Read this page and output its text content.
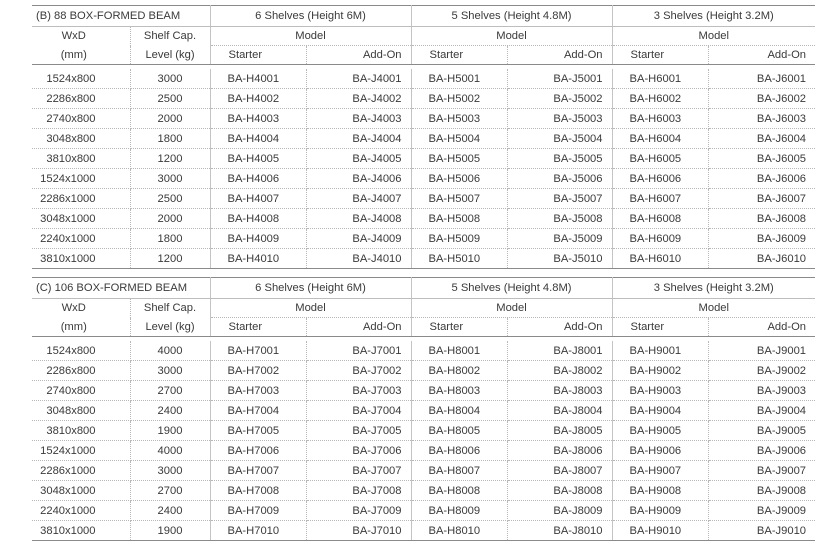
(B) 88 BOX-FORMED BEAM		6 Shelves (Height 6M)		5 Shelves (Height 4.8M)		3 Shelves (Height 3.2M)	
WxD	Shelf Cap.	Model		Model		Model	
(mm)	Level (kg)	Starter	Add-On	Starter	Add-On	Starter	Add-On

1524x800	3000	BA-H4001	BA-J4001	BA-H5001	BA-J5001	BA-H6001	BA-J6001
2286x800	2500	BA-H4002	BA-J4002	BA-H5002	BA-J5002	BA-H6002	BA-J6002
2740x800	2000	BA-H4003	BA-J4003	BA-H5003	BA-J5003	BA-H6003	BA-J6003
3048x800	1800	BA-H4004	BA-J4004	BA-H5004	BA-J5004	BA-H6004	BA-J6004
3810x800	1200	BA-H4005	BA-J4005	BA-H5005	BA-J5005	BA-H6005	BA-J6005
1524x1000	3000	BA-H4006	BA-J4006	BA-H5006	BA-J5006	BA-H6006	BA-J6006
2286x1000	2500	BA-H4007	BA-J4007	BA-H5007	BA-J5007	BA-H6007	BA-J6007
3048x1000	2000	BA-H4008	BA-J4008	BA-H5008	BA-J5008	BA-H6008	BA-J6008
2240x1000	1800	BA-H4009	BA-J4009	BA-H5009	BA-J5009	BA-H6009	BA-J6009
3810x1000	1200	BA-H4010	BA-J4010	BA-H5010	BA-J5010	BA-H6010	BA-J6010
(C) 106 BOX-FORMED BEAM		6 Shelves (Height 6M)		5 Shelves (Height 4.8M)		3 Shelves (Height 3.2M)	
WxD	Shelf Cap.	Model		Model		Model	
(mm)	Level (kg)	Starter	Add-On	Starter	Add-On	Starter	Add-On

1524x800	4000	BA-H7001	BA-J7001	BA-H8001	BA-J8001	BA-H9001	BA-J9001
2286x800	3000	BA-H7002	BA-J7002	BA-H8002	BA-J8002	BA-H9002	BA-J9002
2740x800	2700	BA-H7003	BA-J7003	BA-H8003	BA-J8003	BA-H9003	BA-J9003
3048x800	2400	BA-H7004	BA-J7004	BA-H8004	BA-J8004	BA-H9004	BA-J9004
3810x800	1900	BA-H7005	BA-J7005	BA-H8005	BA-J8005	BA-H9005	BA-J9005
1524x1000	4000	BA-H7006	BA-J7006	BA-H8006	BA-J8006	BA-H9006	BA-J9006
2286x1000	3000	BA-H7007	BA-J7007	BA-H8007	BA-J8007	BA-H9007	BA-J9007
3048x1000	2700	BA-H7008	BA-J7008	BA-H8008	BA-J8008	BA-H9008	BA-J9008
2240x1000	2400	BA-H7009	BA-J7009	BA-H8009	BA-J8009	BA-H9009	BA-J9009
3810x1000	1900	BA-H7010	BA-J7010	BA-H8010	BA-J8010	BA-H9010	BA-J9010
